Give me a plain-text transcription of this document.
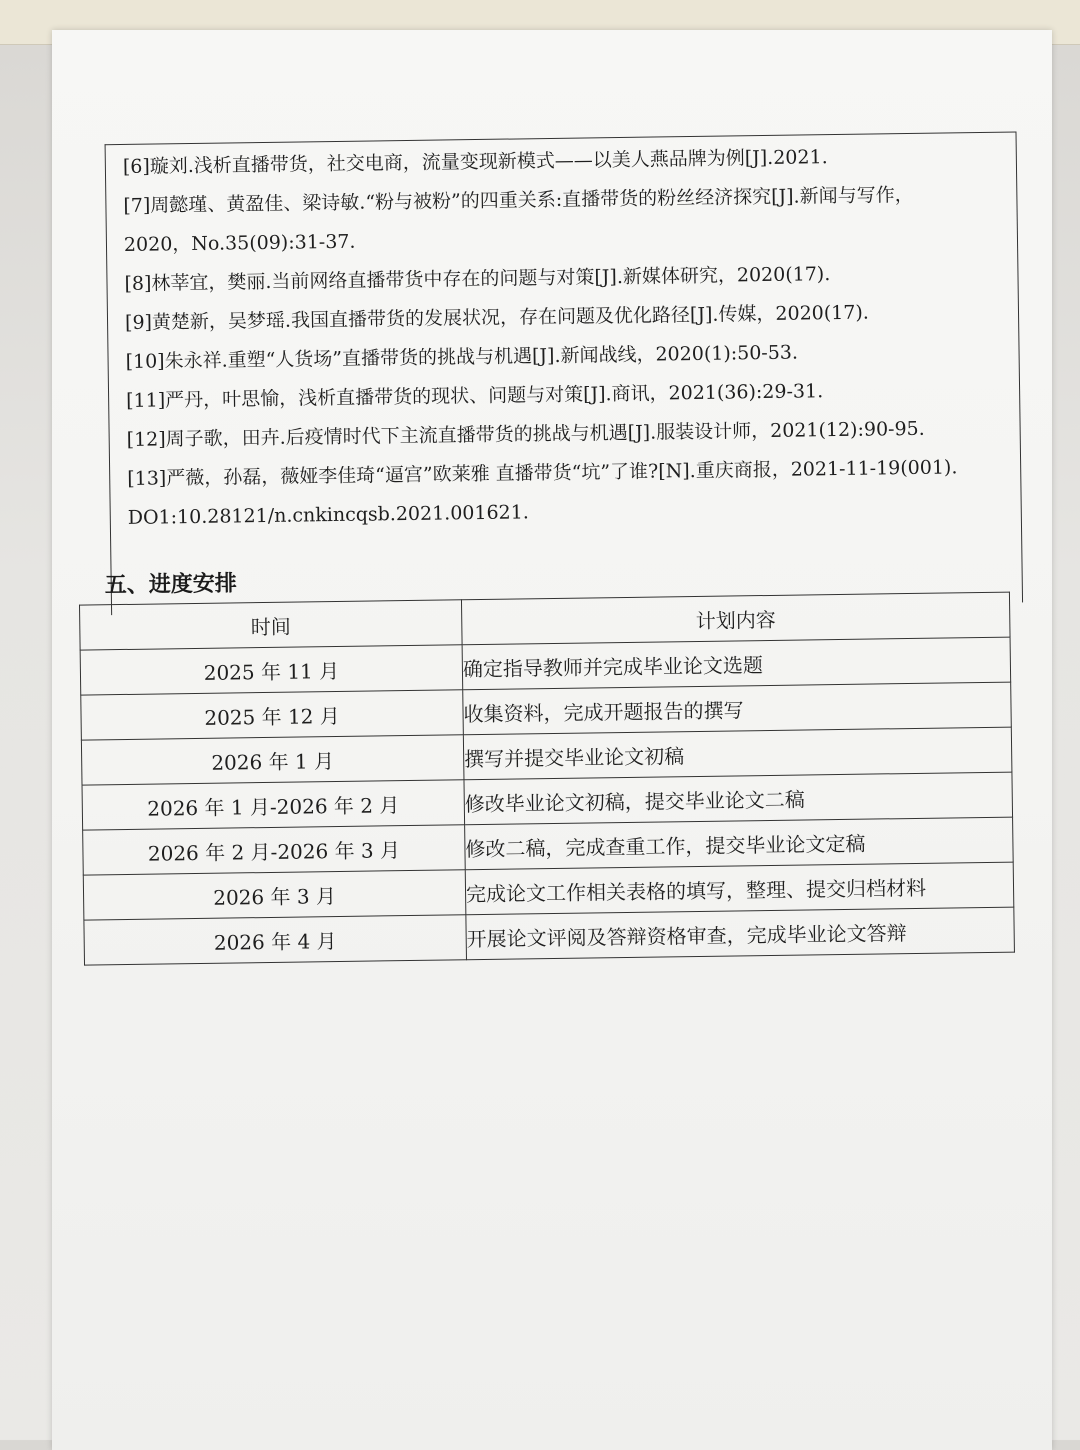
[6]璇刘.浅析直播带货，社交电商，流量变现新模式——以美人燕品牌为例[J].2021.
[7]周懿瑾、黄盈佳、梁诗敏.“粉与被粉”的四重关系:直播带货的粉丝经济探究[J].新闻与写作，
2020，No.35(09):31-37.
[8]林莘宜，樊丽.当前网络直播带货中存在的问题与对策[J].新媒体研究，2020(17).
[9]黄楚新，吴梦瑶.我国直播带货的发展状况，存在问题及优化路径[J].传媒，2020(17).
[10]朱永祥.重塑“人货场”直播带货的挑战与机遇[J].新闻战线，2020(1):50-53.
[11]严丹，叶思愉，浅析直播带货的现状、问题与对策[J].商讯，2021(36):29-31.
[12]周子歌，田卉.后疫情时代下主流直播带货的挑战与机遇[J].服装设计师，2021(12):90-95.
[13]严薇，孙磊，薇娅李佳琦“逼宫”欧莱雅 直播带货“坑”了谁?[N].重庆商报，2021-11-19(001).
DO1:10.28121/n.cnkincqsb.2021.001621.
五、进度安排
时间	计划内容
2025 年 11 月	确定指导教师并完成毕业论文选题
2025 年 12 月	收集资料，完成开题报告的撰写
2026 年 1 月	撰写并提交毕业论文初稿
2026 年 1 月-2026 年 2 月	修改毕业论文初稿，提交毕业论文二稿
2026 年 2 月-2026 年 3 月	修改二稿，完成查重工作，提交毕业论文定稿
2026 年 3 月	完成论文工作相关表格的填写，整理、提交归档材料
2026 年 4 月	开展论文评阅及答辩资格审查，完成毕业论文答辩
